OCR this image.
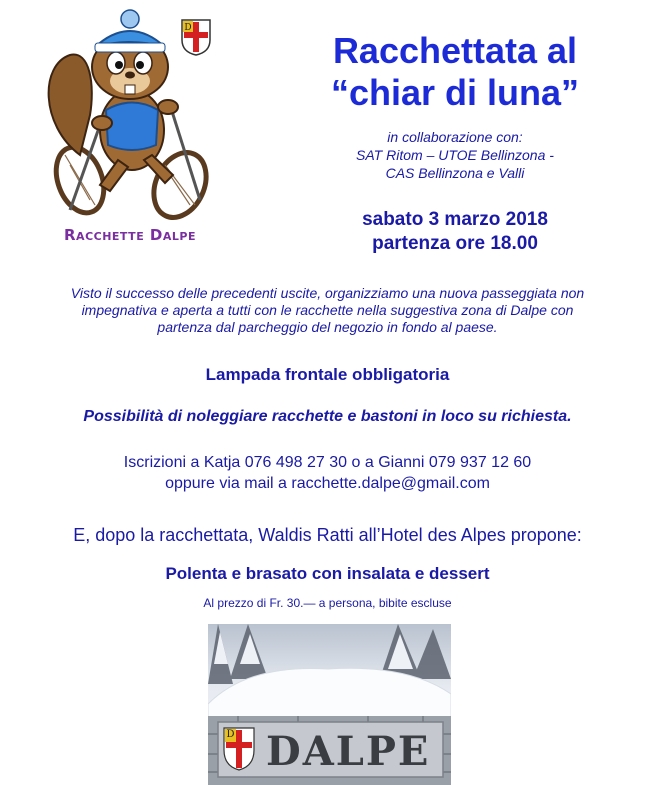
D
Racchette Dalpe
Racchettata al
“chiar di luna”
in collaborazione con:
SAT Ritom – UTOE Bellinzona -
CAS Bellinzona e Valli
sabato 3 marzo 2018
partenza ore 18.00
Visto il successo delle precedenti uscite, organizziamo una nuova passeggiata non
impegnativa e aperta a tutti con le racchette nella suggestiva zona di Dalpe con
partenza dal parcheggio del negozio in fondo al paese.
Lampada frontale obbligatoria
Possibilità di noleggiare racchette e bastoni in loco su richiesta.
Iscrizioni a Katja 076 498 27 30 o a Gianni 079 937 12 60
oppure via mail a racchette.dalpe@gmail.com
E, dopo la racchettata, Waldis Ratti all’Hotel des Alpes propone:
Polenta e brasato con insalata e dessert
Al prezzo di Fr. 30.— a persona, bibite escluse
D DALPE
